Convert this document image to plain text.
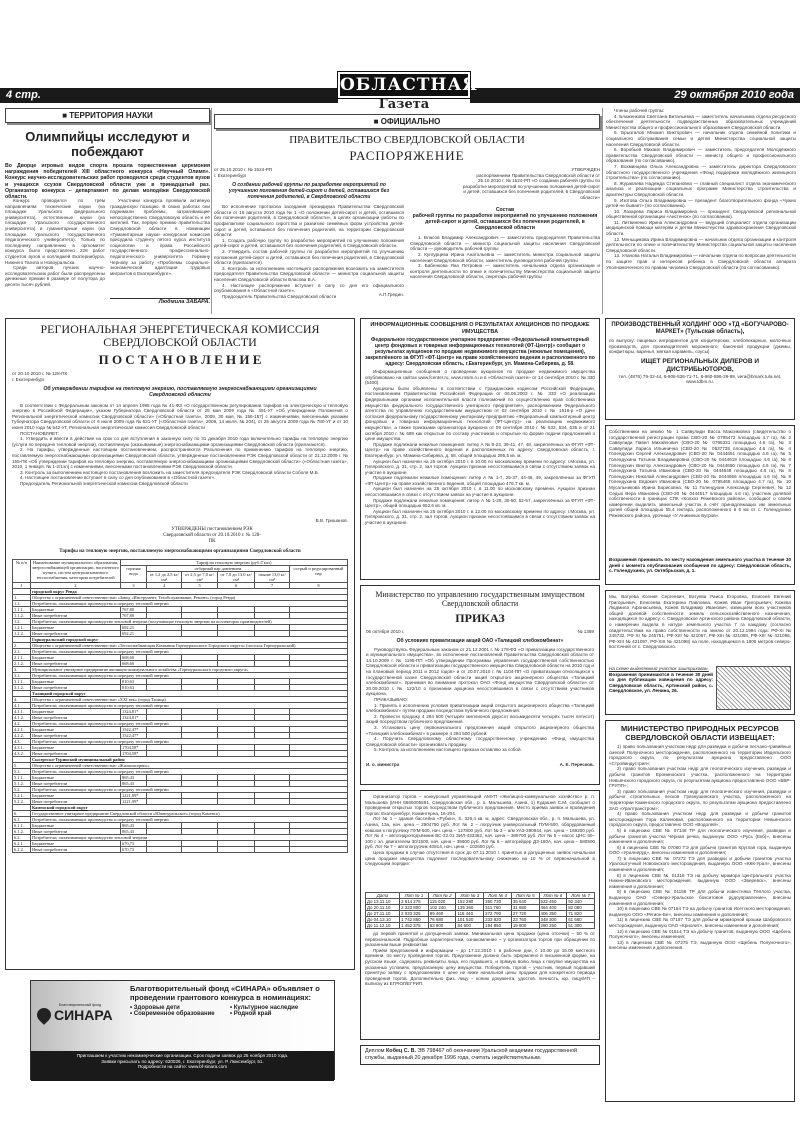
4 стр.	29 октября 2010 года
ОБЛАСТНАЯ
Газета
■ ТЕРРИТОРИЯ НАУКИ
Олимпийцы исследуют и побеждают
Во Дворце игровых видов спорта прошла торжественная церемония награждения победителей XIII областного конкурса «Научный Олимп». Конкурс научно-исследовательских работ проводился среди студентов вузов и учащихся ссузов Свердловской области уже в тринадцатый раз. Организатор конкурса – департамент по делам молодёжи Свердловской области.

Конкурс проводился по трём направлениям: технические науки (на площадке Уральского федерального университета), естественные науки (на площадке Уральского государственного университета) и гуманитарные науки (на площадке Уральского государственного педагогического университета). Только по последнему направлению в оргкомитет конкурса было представлено 228 работ студентов вузов и колледжей Екатеринбурга, Нижнего Тагила и Новоуральска.

Среди авторов лучших научно-исследовательских работ были распределены денежные премии в размере от полутора до десяти тысяч рублей.

Участники конкурса проявили активную гражданскую позицию. В своих работах они поднимали проблемы, затрагивающие непосредственно Свердловскую область и её жителей. Так, первую премию правительства Свердловской области в номинации «Гуманитарные науки» конкурсная комиссия присудила студенту пятого курса института социологии и права Российского государственного профессионально-педагогического университета Герману Чернову за работу «Проблемы социально-экономической адаптации трудовых мигрантов в Екатеринбурге».

Людмила ЗАБАРА.
■ ОФИЦИАЛЬНО
ПРАВИТЕЛЬСТВО СВЕРДЛОВСКОЙ ОБЛАСТИ
РАСПОРЯЖЕНИЕ
от 25.10.2010 г. № 1524-РП
г. Екатеринбург
О создании рабочей группы по разработке мероприятий по улучшению положения детей-сирот и детей, оставшихся без попечения родителей, в Свердловской области

Во исполнение протокола заседания президиума Правительства Свердловской области от 16 августа 2010 года № 1 «О положении детей-сирот и детей, оставшихся без попечения родителей, в Свердловской области», в целях организации работы по профилактике социального сиротства и развитию семейных форм устройства детей-сирот и детей, оставшихся без попечения родителей, на территории Свердловской области:

1. Создать рабочую группу по разработке мероприятий по улучшению положения детей-сирот и детей, оставшихся без попечения родителей, в Свердловской области.

2. Утвердить состав рабочей группы по разработке мероприятий по улучшению положения детей-сирот и детей, оставшихся без попечения родителей, в Свердловской области (прилагается).

3. Контроль за исполнением настоящего распоряжения возложить на заместителя председателя Правительства Свердловской области — министра социальной защиты населения Свердловской области Власова В.А.

4. Настоящее распоряжение вступает в силу со дня его официального опубликования в «Областной газете».

Председатель Правительства Свердловской области	А.П.Гредин.
УТВЕРЖДЕН
распоряжением Правительства Свердловской области от 25.10.2010 г. № 1524-РП «О создании рабочей группы по разработке мероприятий по улучшению положения детей-сирот и детей, оставшихся без попечения родителей, в Свердловской области»
Состав
рабочей группы по разработке мероприятий по улучшению положения детей-сирот и детей, оставшихся без попечения родителей, в Свердловской области

1. Власов Владимир Александрович — заместитель председателя Правительства Свердловской области — министр социальной защиты населения Свердловской области — руководитель рабочей группы

2. Кунгурцева Ирина Анатольевна — заместитель министра социальной защиты населения Свердловской области, заместитель руководителя рабочей группы

3. Бабенкова Яна Петровна — заместитель начальника отдела организации и контроля деятельности по опеке и попечительству Министерства социальной защиты населения Свердловской области, секретарь рабочей группы

Члены рабочей группы:

4. Блаженкова Светлана Витальевна — заместитель начальника отдела ресурсного обеспечения деятельности подведомственных образовательных учреждений Министерства общего и профессионального образования Свердловской области.

5. Брызгалов Михаил Викторович — начальник отдела семейной политики и социального обслуживания семьи и детей Министерства социальной защиты населения Свердловской области.

6. Воробьев Михаил Владимирович — заместитель председателя Молодёжного правительства Свердловской области — министр общего и профессионального образования (по согласованию).

7. Вохминцева Ольга Александровна — заместитель директора Свердловского областного государственного учреждения «Фонд поддержки молодёжного жилищного строительства» (по согласованию).

8. Журавлева Надежда Степановна — главный специалист отдела экономического анализа и реализации социальных программ Министерства строительства и архитектуры Свердловской области.

9. Изотова Ольга Владимировна — президент благотворительного фонда «Чужих детей не бывает» (по согласованию).

10. Лазарева Лариса Владимировна — президент Свердловской региональной общественной организации «Аистенок» (по согласованию).

11. Литвиненко Ирина Александровна — ведущий специалист отдела организации медицинской помощи матерям и детям Министерства здравоохранения Свердловской области.

12. Меньщикова Ирина Владимировна — начальник отдела организации и контроля деятельности по опеке и попечительству Министерства социальной защиты населения Свердловской области.

13. Уланова Наталья Владимировна — начальник отдела по вопросам деятельности по защите прав и интересов ребенка в Свердловской области аппарата Уполномоченного по правам человека Свердловской области (по согласованию).

РЕГИОНАЛЬНАЯ ЭНЕРГЕТИЧЕСКАЯ КОМИССИЯ
СВЕРДЛОВСКОЙ ОБЛАСТИ
П О С Т А Н О В Л Е Н И Е
от 20.10.2010 г. № 128-ПК
г. Екатеринбург
Об утверждении тарифов на тепловую энергию, поставляемую энергоснабжающими организациями Свердловской области

В соответствии с Федеральным законом от 14 апреля 1995 года № 41-ФЗ «О государственном регулировании тарифов на электрическую и тепловую энергию в Российской Федерации», указом Губернатора Свердловской области от 25 мая 2009 года № 491-УГ «Об утверждении Положения о Региональной энергетической комиссии Свердловской области» («Областная газета», 2009, 30 мая, № 156-157) с изменениями, внесенными указами Губернатора Свердловской области от 6 июля 2009 года № 621-УГ («Областная газета», 2009, 14 июля, № 204), от 25 августа 2009 года № 780-УГ и от 10 июня 2010 года № 542-УГ, Региональная энергетическая комиссия Свердловской области

ПОСТАНОВЛЯЕТ:

1. Утвердить и ввести в действие на срок со дня вступления в законную силу по 31 декабря 2010 года включительно тарифы на тепловую энергию (услуги по передаче тепловой энергии), поставляемую (оказываемые) энергоснабжающими организациями Свердловской области (прилагаются).

2. На тарифы, утвержденные настоящим постановлением, распространяются Разъяснения по применению тарифов на тепловую энергию, поставляемую энергоснабжающими организациями Свердловской области, утвержденные постановлением РЭК Свердловской области от 21.12.2009 г. № 155-ПК «Об утверждении тарифов на тепловую энергию, поставляемую энергоснабжающими организациями Свердловской области» («Областная газета», 2010, 1 января, № 1-2/1эл) с изменениями, внесенными постановлениями РЭК Свердловской области.

3. Контроль за выполнением настоящего постановления возложить на заместителя председателя РЭК Свердловской области Соболя М.Б.

4. Настоящее постановление вступает в силу со дня опубликования в «Областной газете».

Председатель Региональной энергетической комиссии Свердловской области

В.В. Гришанов.
УТВЕРЖДЕНЫ постановлением РЭК Свердловской области от 20.10.2010 г. № 128-ПК
Тарифы на тепловую энергию, поставляемую энергоснабжающими организациями Свердловской области
№ п/п	Наименование муниципального образования, энергоснабжающей организации, населенного пункта, систем централизованного теплоснабжения, категории потребителей	Тариф на тепловую энергию (руб./Гкал)					
		горячая вода	отборный пар давлением				острый и редуцированный пар
			от 1,2 до 2,5 кг/см²	от 2,5 до 7,0 кг/см²	от 7,0 до 13,0 кг/см²	свыше 13,0 кг/см²	
1	2	3	4	5	6	7	8
	городской округ Ревда						
1.	Общество с ограниченной ответственностью «Завод «Инструмент, Техобслуживание, Ремонт» (город Ревда)						
1.1.	Потребители, оплачивающие производство и передачу тепловой энергии						
1.1.1.	Бюджетные	767,80					
1.1.2.	Иные потребители	767,80					
1.2.	Потребители, оплачивающие производство тепловой энергии (получающие тепловую энергию на коллекторах производителей)						
1.2.1.	Бюджетные	692,21					
1.2.2.	Иные потребители	692,21					
	Горноуральский городской округ						
2.	Общество с ограниченной ответственностью «Теплоснабжающая Компания Горноуральского Городского округа» (поселок Горноуральский)						
2.1.	Потребители, оплачивающие производство и передачу тепловой энергии						
2.1.1.	Бюджетные	668,60					
2.1.2.	Иные потребители	668,60					
3.	Муниципальное унитарное предприятие жилищно-коммунального хозяйства «Горноуральского городского округа»						
3.1.	Потребители, оплачивающие производство и передачу тепловой энергии						
3.1.1.	Бюджетные	810,63					
3.1.2.	Иные потребители	810,63					
	Талицкий городской округ						
4.	Общество с ограниченной ответственностью «XXI век» (город Талица)						
4.1.	Потребители, оплачивающие производство и передачу тепловой энергии						
4.1.1.	Бюджетные	1324,81*					
4.1.2.	Иные потребители	1324,81*					
4.2.	Потребители, оплачивающие производство и передачу тепловой энергии						
4.2.1.	Бюджетные	1522,47*					
4.2.2.	Иные потребители	1522,47*					
4.3.	Потребители, оплачивающие производство и передачу тепловой энергии						
4.3.1.	Бюджетные	1704,58*					
4.3.2.	Иные потребители	1704,58*					
	Сысертско-Туринский муниципальный район						
5.	Общество с ограниченной ответственностью «Жилкомсервис»						
5.1.	Потребители, оплачивающие производство и передачу тепловой энергии						
5.1.1.	Бюджетные	865,43					
5.1.2.	Иные потребители	865,43					
5.2.	Потребители, оплачивающие производство и передачу тепловой энергии						
5.2.1.	Бюджетные	1221,99*					
5.2.2.	Иные потребители	1221,99*					
	Каменский городской округ						
6.	Государственное унитарное предприятие Свердловской области «Южноуральское» (город Каменск)						
6.1.	Потребители, оплачивающие производство и передачу тепловой энергии						
6.1.1.	Бюджетные	865,43					
6.1.2.	Иные потребители	865,43					
6.2.	Потребители, оплачивающие производство тепловой энергии						
6.2.1.	Бюджетные	670,73					
6.2.2.	Иные потребители	670,73					
Благотворительный фонд
СИНАРА
Благотворительный фонд «СИНАРА» объявляет о проведении грантового конкурса в номинациях:
• Здоровые дети	• Культурное наследие
• Современное образование	• Родной край
Приглашаем к участию некоммерческие организации. Срок подачи заявок до 25 ноября 2010 года.
Заявки присылать по адресу: 620026, г. Екатеринбург, ул. Р. Люксембург, 51.
Подробности на сайте: www.bf-sinara.com
ИНФОРМАЦИОННЫЕ СООБЩЕНИЯ О РЕЗУЛЬТАТАХ АУКЦИОНОВ ПО ПРОДАЖЕ ИМУЩЕСТВА
Федеральное государственное унитарное предприятие «Федеральный компьютерный центр фондовых и товарных информационных технологий (ФТ-Центр)» сообщает о результатах аукционов по продаже недвижимого имущества (нежилые помещения), закреплённого за ФГУП «ФТ-Центр» на праве хозяйственного ведения и расположенного по адресу: Свердловская область, г.Екатеринбург, ул. Мамина-Сибиряка, д. 58.

Информационные сообщения о проведении аукционов по продаже недвижимого имущества опубликовано на сайтах www.fcenter.ru, www.rosim.ru и в «Областной газете» от 14 сентября 2010 г. № 330 (5400).

Аукционы были объявлены в соответствии с Гражданским кодексом Российской Федерации, постановлением Правительства Российской Федерации от 06.06.2003 г. № 333 «О реализации федеральными органами исполнительной власти полномочий по осуществлению прав собственника имущества федерального государственного унитарного предприятия», распоряжением Федерального агентства по управлению государственным имуществом от 02 сентября 2010 г. № 1516-р «О даче согласия федеральному государственному унитарному предприятию «Федеральный компьютерный центр фондовых и товарных информационных технологий (ФТ-Центр)» на реализацию недвижимого имущества», а также приказами организатора аукциона от 09 сентября 2010 г. № 533, 534, 535 и от 21 октября 2010 г. № 589 как открытые по составу участников и открытые по форме подачи предложений о цене имущества.

Продаже подлежали нежилые помещения: литер А № 8-23, 39-41, 47, 48, закреплённых за ФГУП «ФТ-Центр» на праве хозяйственного ведения и расположенных по адресу: Свердловская область, г. Екатеринбург, ул. Мамина-Сибиряка, д. 58, общей площадью 295,5 кв. м.

Аукцион был назначен на 25 октября 2010 г. в 10.00 по московскому времени по адресу: г.Москва, ул. Гиляровского, д. 31, стр. 2, зал торгов. Аукцион признан несостоявшимся в связи с отсутствием заявок на участие в аукционе.

Продаже подлежали нежилые помещения: литер А № 1-7, 25-37, 44-46, 49, закреплённых за ФГУП «ФТ-Центр» на праве хозяйственного ведения, общей площадью 476,7 кв. м.

Аукцион был назначен на 25 октября 2010 г. в 11.00 по московскому времени. Аукцион признан несостоявшимся в связи с отсутствием заявок на участие в аукционе.

Продаже подлежали нежилые помещения: литер А № 1-28, 30-50, 52-57, закреплённых за ФГУП «ФТ-Центр», общей площадью 652,6 кв. м.

Аукцион был назначен на 25 октября 2010 г. в 12.00 по московскому времени по адресу: г.Москва, ул. Гиляровского, д. 31, стр. 2, зал торгов. Аукцион признан несостоявшимся в связи с отсутствием заявок на участие в аукционе.

Министерство по управлению государственным имуществом Свердловской области
ПРИКАЗ
06 октября 2010 г.	№ 1389
Об условиях приватизации акций ОАО «Талицкий хлебокомбинат»

Руководствуясь Федеральным законом от 21.12.2001 г. № 178-ФЗ «О приватизации государственного и муниципального имущества», во исполнение постановлений Правительства Свердловской области от 14.10.2009 г. № 1195-ПП «Об утверждении Программы управления государственной собственностью Свердловской области и приватизации государственного имущества Свердловской области на 2010 год и на плановый период 2011 и 2012 годов» и от 20.07.2010 г. № 1104-ПП «О приватизации относящихся к государственной казне Свердловской области акций открытого акционерного общества «Талицкий хлебокомбинат», принимая во внимание протокол ОАО «Фонд имущества Свердловской области» от 20.09.2010 г. № 122/10 о признании аукциона несостоявшимся в связи с отсутствием участников аукциона,

ПРИКАЗЫВАЮ:

1. Принять к исполнению условия приватизации акций открытого акционерного общества «Талицкий хлебокомбинат» путём продажи посредством публичного предложения.

2. Провести продажу 4 284 500 (четырёх миллионов двухсот восьмидесяти четырёх тысяч пятисот) акций посредством публичного предложения.

3. Установить цену первоначального предложения акций открытого акционерного общества «Талицкий хлебокомбинат» в размере 4 284 500 рублей.

4. Поручить Свердловскому областному государственному учреждению «Фонд имущества Свердловской области» организовать продажу.

5. Контроль за исполнением настоящего приказа оставляю за собой.

И. о. министра	А. Е. Пересков.

Организатор торгов – конкурсный управляющий АМУП «Жилищно-коммунальное хозяйство» р. п. Мальшева (ИНН 6660005591, Свердловская обл., р. п. Мальшева, Азина, 1) Кудашев С.М. сообщает о проведении открытых торгов посредством публичного предложения. Место приёма заявок и проведения торгов: Екатеринбург, Коминтерна, 16-204.

Лот № 1 – здание бассейна «Рубин», S. 326,4 кв. м, адрес: Свердловская обл., р. п. Мальшева, ул. Азина, 13а, нач. цена – 2904750 руб. Лот № 2 – погрузчик универсальный ПУМ-500, оборудованный ковшом к погрузчику ПУМ-500, нач. цена – 127800 руб. Лот № 3 – а/м УАЗ-390944, нач. цена – 169200 руб. Лот № 4 – автогидроподъёмник ВС-22.01 ЗИЛ-433362, нач. цена – 389700 руб. Лот № 5 – насос ЦНС 60–100 с эл. двигателем 30/1500, нач. цена – 39600 руб. Лот № 6 – автогрейдер ДЗ-180А, нач. цена – 580500 руб. Лот № 7 – автопогрузчик 40814, нач. цена – 102600 руб.

Цена продажи в случае отсутствия в срок до 07.11.2010 г. принятых и допущенных заявок начальная цена продажи имущества подлежит последовательному снижению на 10 % от первоначальной в следующем порядке:

Дата	Лот № 1	Лот № 2	Лот № 3	Лот № 4	Лот № 5	Лот № 6	Лот № 7
До 13.11.10	2 614 275	115 020	152 280	350 730	35 640	522 450	92 340
До 20.11.10	2 323 800	102 240	135 360	311 760	31 680	464 400	82 080
До 27.11.10	2 033 325	89 460	118 440	272 790	27 720	406 350	71 820
До 04.12.10	1 742 850	76 680	101 520	233 820	23 760	348 300	61 560
До 11.12.10	1 452 375	63 900	84 600	194 850	19 800	290 250	51 300

до первой принятой и допущенной заявки. Минимальная цена продажи (цена отсечки) – 50 % от первоначальной. Подробные характеристики, ознакомление – у организатора торгов при обращении по указанным выше реквизитам.

Приём предложений и информации – до 17.12.2010 г. в рабочие дни, с 10.00 до 16.00 местного времени, по месту проведения торгов. Предложение должно быть оформлено в письменной форме, на русском языке, содержать реквизиты лица, его подавшего, и прямую волю лица к покупке имущества на указанных условиях, предлагаемую цену имущества. Победитель торгов – участник, первый подавший принятую заявку с предложением о цене не ниже начальной цены продажи для конкретного периода проведения торгов. Дополнительно физ. лицу – копию документа, удостов. личность, юр. лицу/ИП – выписку из ЕГРЮЛ/ЕГРИП.

Диплом Кобец С. В. ЭВ 798467 об окончании Уральской академии государственной службы, выданный 20 декабря 1996 года, считать недействительным.
ПРОИЗВОДСТВЕННЫЙ ХОЛДИНГ ООО «ТД «БОГУЧАРОВО-МАРКЕТ» (Тульская область),
по выпуску: пищевых ингредиентов для кондитерских, хлебопекарных, молочных производств, для производителей мороженого; баночной продукции (джемы, конфитюры, варенья, мягкая карамель, соусы)
ИЩЕТ РЕГИОНАЛЬНЫХ ДИЛЕРОВ И ДИСТРИБЬЮТОРОВ,
тел. (4876) 79-32-44, 8-906-536-71-71, 8-960-596-29-99, vera@bmark.tula.net, www.tdbm.ru.
Собственники на землю № 1 Саввулиди Васса Максимовна (свидетельство о государственной регистрации права СВО-20 № 0795472 площадью 4.7 га), № 2 Саввулиди Павел Михайлович (СВО-20 № 0795331 площадью 4.6 га), № 3 Саввулиди Лариса Ильинична (СВО-20 № 0537738 площадью 4.6 га), № 4 Голендухин Сергей Александрович (СВО-20 № 0444651 площадью 4.6 га), № 5 Голендухина Татьяна Владимировна (СВО-20 № 0444619 площадью 4.6 га), № 6 Голендухин Виктор Александрович (СВО-20 № 0444650 площадью 4.6 га), № 7 Голендухина Татьяна Ивановна (СВО-20 № 0444648 площадью 4.6 га), № 8 Голендухин Николай Александрович (СВО-20 № 0444656 площадью 4.6 га), № 9 Голендухина Евдокия Ивановна (СВО-20 № 0795468 площадью 4.7 га), № 10 Мусальникова Ирина Борисовна, № 11 Голендухин Александр Сергеевич, № 12 Седых Вера Ивановна (СВО-20 № 0444517 площадью 4.6 га), участник долевой собственности в границах СПК «Колхоз Режевского района», сообщают о своём намерении выделить земельный участок в счёт принадлежащих им земельных долей общей площадью 55,4 гектара, расположенного в 5 км от с. Голендухино Режевского района, урочище «У Аникиных Бугров».
Возражения принимать по месту нахождения земельного участка в течение 30 дней с момента опубликования сообщения по адресу: Свердловская область, с. Голендухино, ул. Октябрьская, д. 1.
Мы, Ватуева Ксения Сергеевич, Ватуева Раиса Егоровна, Елисеев Евгений Григорьевич, Елисеева Екатерина Павловна, Кожев Иван Григорьевич, Кожева Людмила Афонасьевна, Кожев Владимир Иванович, извещаем всех участников общей долевой собственности земель сельскохозяйственного назначения, находящихся по адресу: с. Свердловское Артинского района Свердловской области, о намерении выдела в натуре земельного участка 7 га каждому (согласно свидетельствам на право собственности на землю от 20.12.1994 года: РФ-XI № 245732, РФ XI № 245751, РФ-XIII № 421067, РФ-XIII № 421068, РФ-XIII № 421096, РФ-XIII № 421097, РФ-XIII № 421098) на поле, находящемся в 1800 метров северо-восточней от с. Свердловского.
На схеме выделяемый участок заштрихован.
Возражения принимаются в течение 30 дней со дня публикации извещения по адресу: Свердловская область, Артинский район, с. Свердловское, ул. Ленина, 26.
МИНИСТЕРСТВО ПРИРОДНЫХ РЕСУРСОВ СВЕРДЛОВСКОЙ ОБЛАСТИ ИЗВЕЩАЕТ:

1) право пользования участком недр для разведки и добычи песчано-гравийных смесей Полуночного месторождения, расположенного на территории Ивдельского городского округа, по результатам аукциона предоставлено ООО «Стройиндустрия»;

2) право пользования участком недр для геологического изучения, разведки и добычи гранитов Ерониноского участка, расположенного на территории Невьянского городского округа, по результатам аукциона предоставлено ООО «БВР-ГРУПП»;

3) право пользования участком недр для геологического изучения, разведки и добычи строительных песков Грязнушинского участка, расположенного на территории Каменского городского округа, по результатам аукциона предоставлено ЗАО «Уралтранстром»;

4) право пользования участком недр для разведки и добычи гранитов месторождения Гора Калиновая, расположенного на территории Невьянского городского округа, предоставлено ООО «Водолей»;

5) в лицензию СВЕ № 07148 ТР для геологического изучения, разведки и добычи гранитов участка Чёрная речка, выданную ООО «Русь (Екб)», внесены изменения и дополнения;

6) в лицензию СВЕ № 07060 ТЭ для добычи гранитов Круглая гора, выданную ООО «Уралнеруд», внесены изменения и дополнения;

7) в лицензию СВЕ № 07272 ТЭ для разведки и добычи гранитов участка Уралоштучный Новоокского месторождения, выданную ООО «ККК-Урал», внесены изменения и дополнения;

8) в лицензию СВЕ № 01318 ТЭ на добычу мрамора Центрального участка Нижне-Ивановского месторождения, выданную ООО «Зверевск», внесены изменения и дополнения;

9) в лицензию СВЕ № 01156 ТР для добычи известняка Тёплого участка, выданную ОАО «Северо-Уральское бокситовое рудоуправление», внесены изменения и дополнения;

10) в лицензию СВЕ № 07184 ТЭ на добычу гранитов Исетского месторождения, выданную ООО «Регион-Бе», внесены изменения и дополнения;

11) в лицензию СВЕ № 07187 ТЭ для добычи мраморной крошки Шабровского месторождения, выданную ОАО «Криолит», внесены изменения и дополнения;

12) в лицензию СВЕ № 01514 ТЭ на добычу гранитов, выданную ООО «Щебень Полуночного», внесены изменения;

13) в лицензию СВЕ № 07275 ТЭ, выданную ООО «Щебень Полуночного», внесены изменения и дополнения.
